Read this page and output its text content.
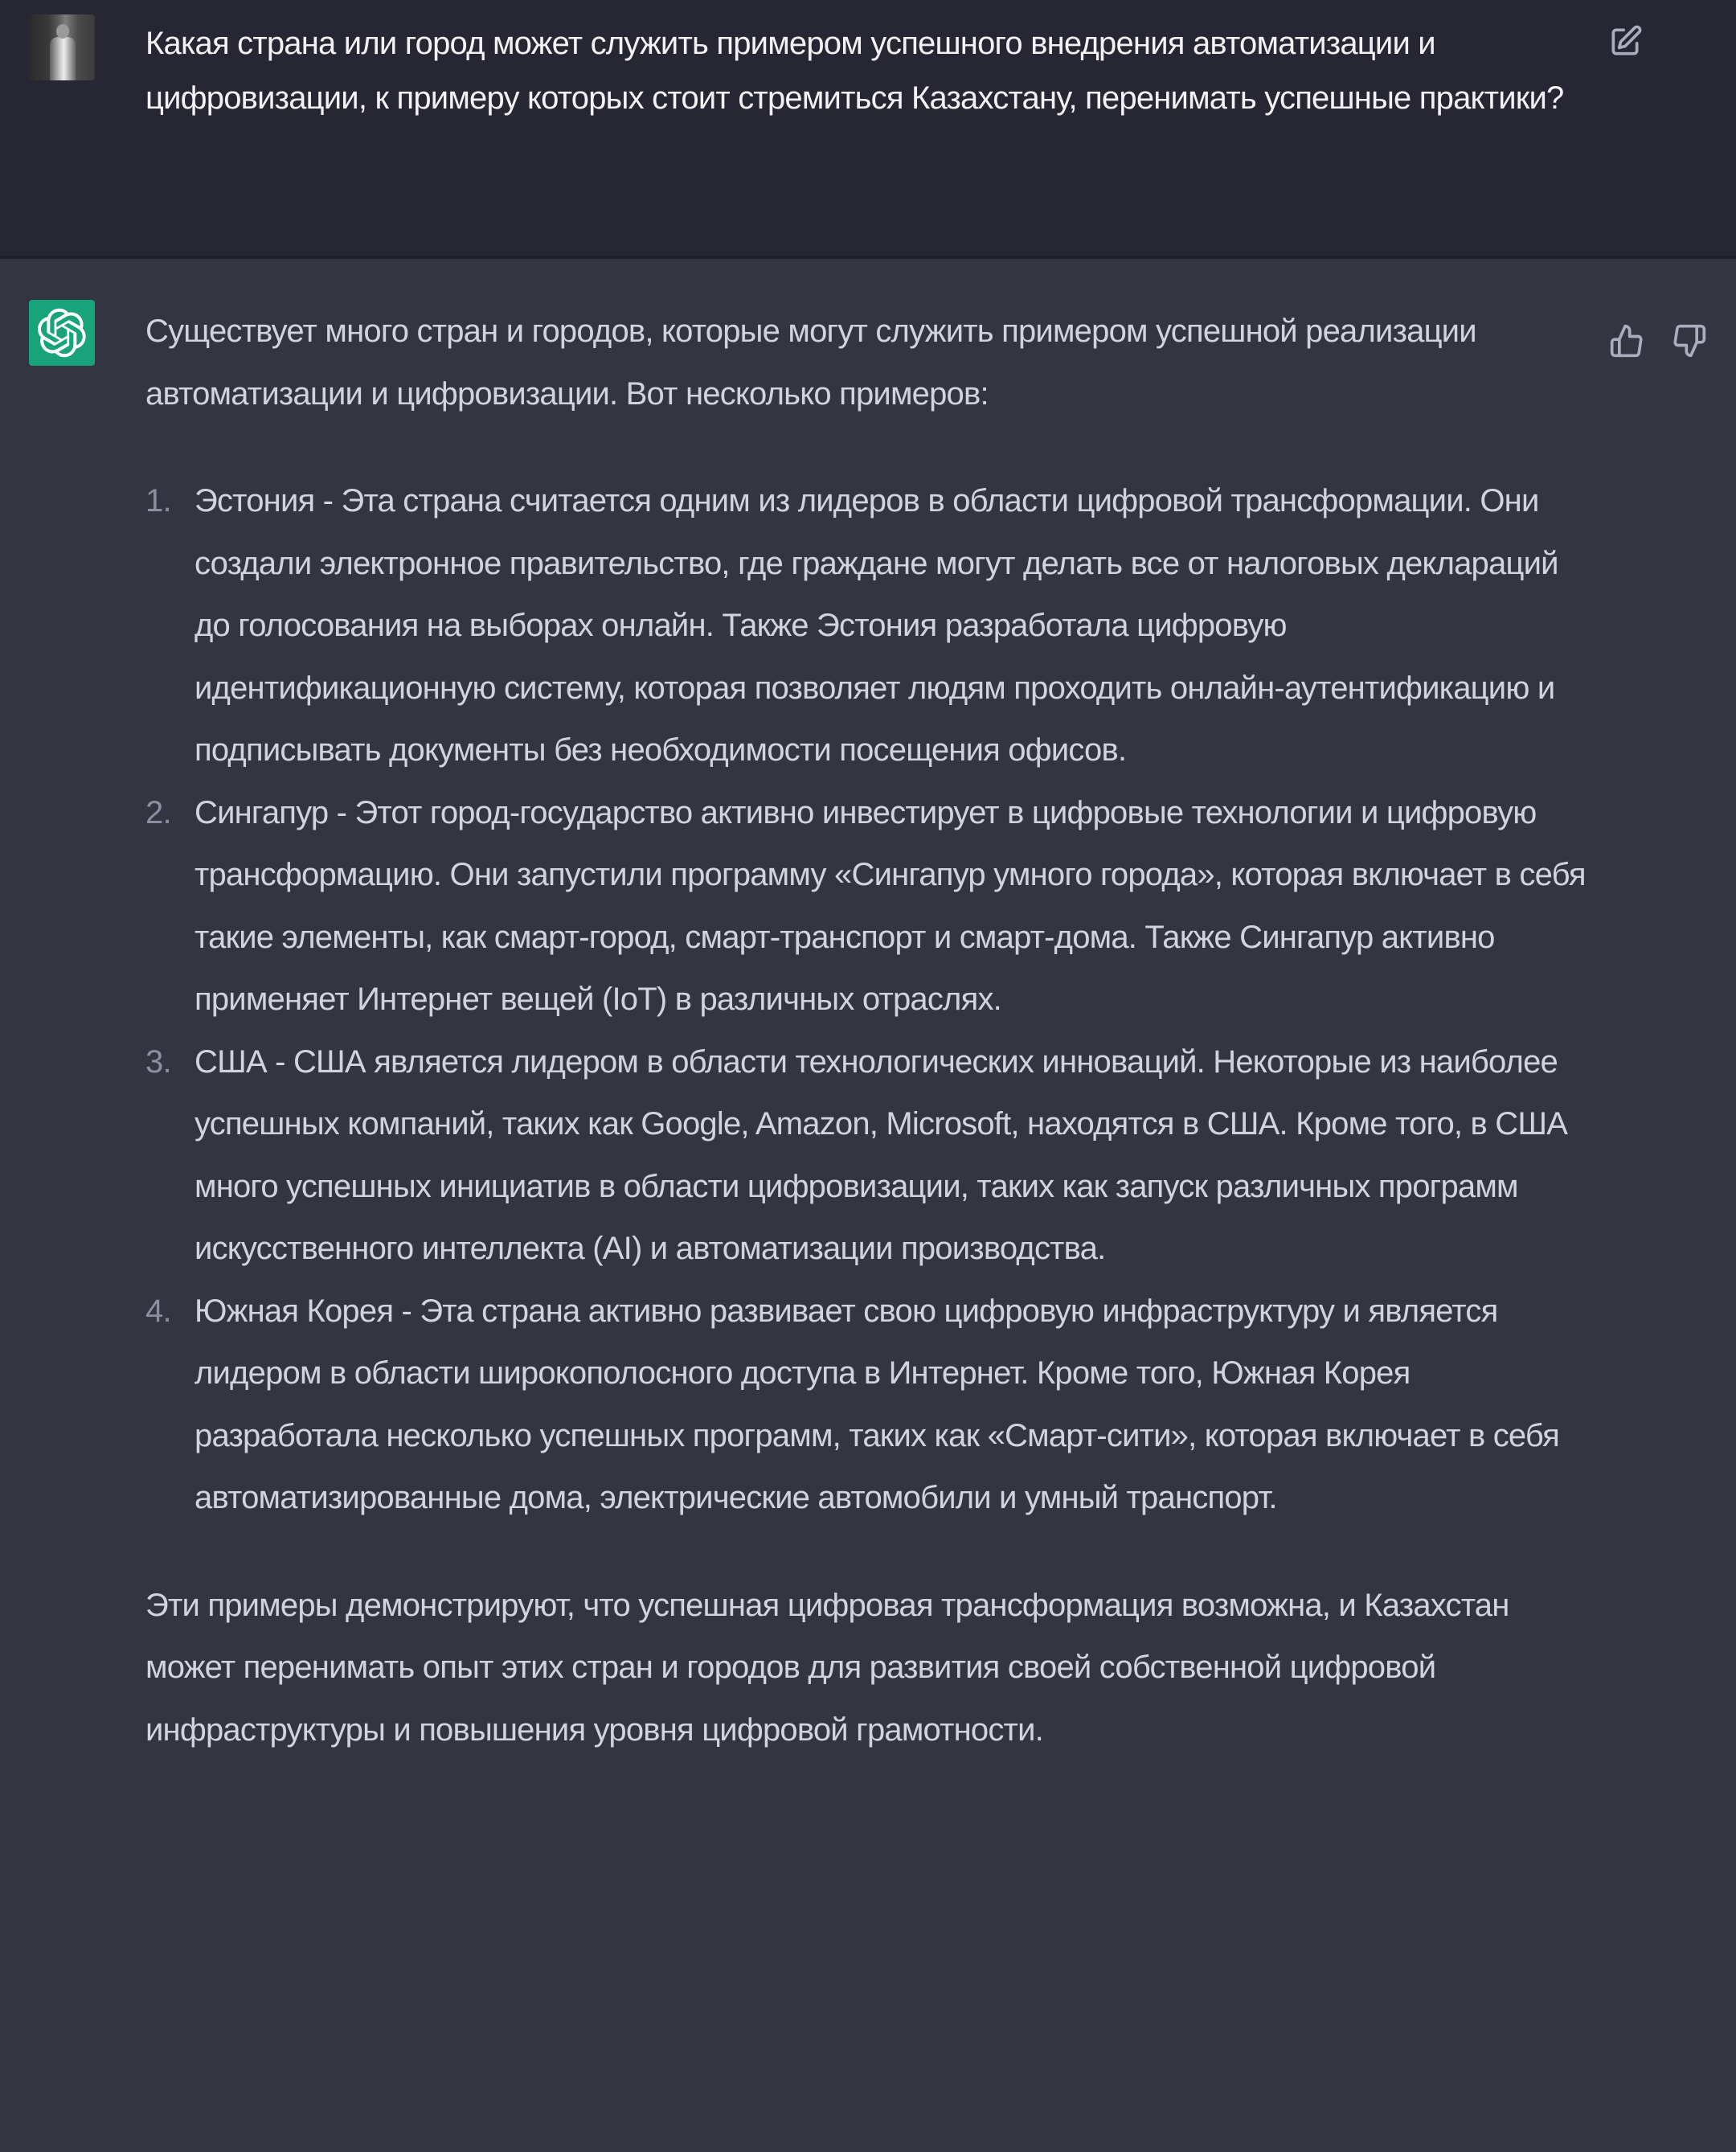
Какая страна или город может служить примером успешного внедрения автоматизации и цифровизации, к примеру которых стоит стремиться Казахстану, перенимать успешные практики?

Существует много стран и городов, которые могут служить примером успешной реализации автоматизации и цифровизации. Вот несколько примеров:

1. Эстония - Эта страна считается одним из лидеров в области цифровой трансформации. Они создали электронное правительство, где граждане могут делать все от налоговых деклараций до голосования на выборах онлайн. Также Эстония разработала цифровую идентификационную систему, которая позволяет людям проходить онлайн-аутентификацию и подписывать документы без необходимости посещения офисов.
2. Сингапур - Этот город-государство активно инвестирует в цифровые технологии и цифровую трансформацию. Они запустили программу «Сингапур умного города», которая включает в себя такие элементы, как смарт-город, смарт-транспорт и смарт-дома. Также Сингапур активно применяет Интернет вещей (IoT) в различных отраслях.
3. США - США является лидером в области технологических инноваций. Некоторые из наиболее успешных компаний, таких как Google, Amazon, Microsoft, находятся в США. Кроме того, в США много успешных инициатив в области цифровизации, таких как запуск различных программ искусственного интеллекта (AI) и автоматизации производства.
4. Южная Корея - Эта страна активно развивает свою цифровую инфраструктуру и является лидером в области широкополосного доступа в Интернет. Кроме того, Южная Корея разработала несколько успешных программ, таких как «Смарт-сити», которая включает в себя автоматизированные дома, электрические автомобили и умный транспорт.

Эти примеры демонстрируют, что успешная цифровая трансформация возможна, и Казахстан может перенимать опыт этих стран и городов для развития своей собственной цифровой инфраструктуры и повышения уровня цифровой грамотности.
